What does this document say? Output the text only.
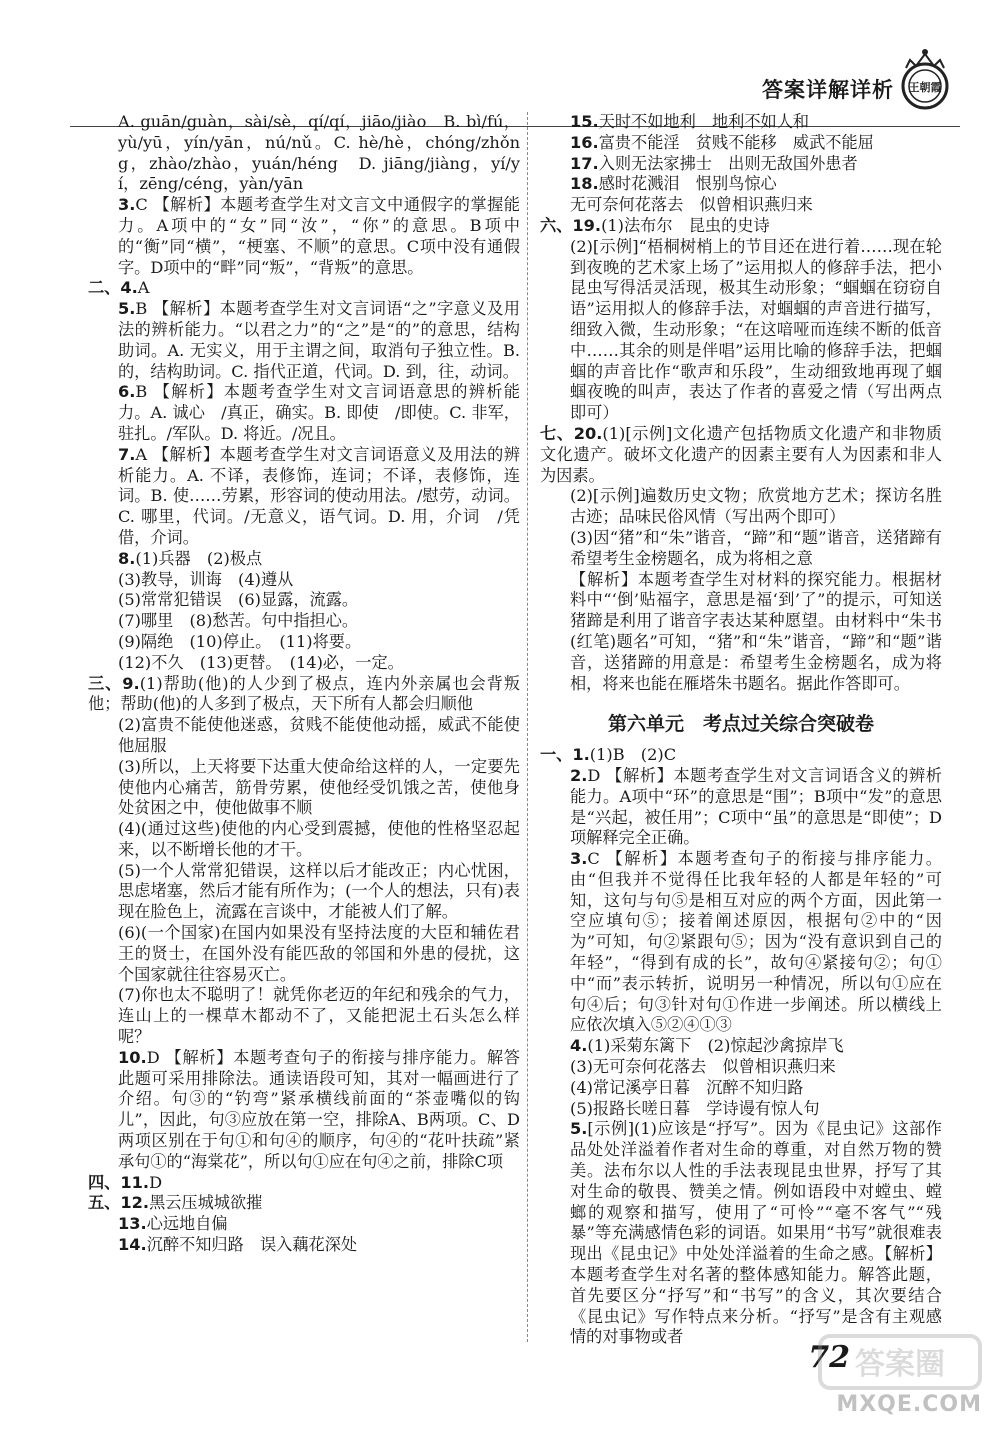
答案详解详析 王朝霞

A. guān/guàn，sài/sè，qí/qí，jiāo/jiào　B. bì/fú，yù/yū，yín/yān，nú/nǔ。C. hè/hè，chóng/zhǒng，zhào/zhào，yuán/héng　D. jiāng/jiàng，yí/yí，zēng/céng，yàn/yān

3.C 【解析】本题考查学生对文言文中通假字的掌握能力。A项中的“女”同“汝”，“你”的意思。B项中的“衡”同“横”，“梗塞、不顺”的意思。C项中没有通假字。D项中的“畔”同“叛”，“背叛”的意思。

二、4.A

5.B 【解析】本题考查学生对文言词语“之”字意义及用法的辨析能力。“以君之力”的“之”是“的”的意思，结构助词。A. 无实义，用于主谓之间，取消句子独立性。B. 的，结构助词。C. 指代正道，代词。D. 到，往，动词。

6.B 【解析】本题考查学生对文言词语意思的辨析能力。A. 诚心　/真正，确实。B. 即使　/即使。C. 非军，驻扎。/军队。D. 将近。/况且。

7.A 【解析】本题考查学生对文言词语意义及用法的辨析能力。A. 不译，表修饰，连词；不译，表修饰，连词。B. 使……劳累，形容词的使动用法。/慰劳，动词。C. 哪里，代词。/无意义，语气词。D. 用，介词　/凭借，介词。

8.(1)兵器　(2)极点

(3)教导，训诲　(4)遵从

(5)常常犯错误　(6)显露，流露。

(7)哪里　(8)愁苦。句中指担心。

(9)隔绝　(10)停止。　(11)将要。

(12)不久　(13)更替。　(14)必，一定。

三、9.(1)帮助(他)的人少到了极点，连内外亲属也会背叛他；帮助(他)的人多到了极点，天下所有人都会归顺他

(2)富贵不能使他迷惑，贫贱不能使他动摇，威武不能使他屈服

(3)所以，上天将要下达重大使命给这样的人，一定要先使他内心痛苦，筋骨劳累，使他经受饥饿之苦，使他身处贫困之中，使他做事不顺

(4)(通过这些)使他的内心受到震撼，使他的性格坚忍起来，以不断增长他的才干。

(5)一个人常常犯错误，这样以后才能改正；内心忧困，思虑堵塞，然后才能有所作为；(一个人的想法，只有)表现在脸色上，流露在言谈中，才能被人们了解。

(6)(一个国家)在国内如果没有坚持法度的大臣和辅佐君王的贤士，在国外没有能匹敌的邻国和外患的侵扰，这个国家就往往容易灭亡。

(7)你也太不聪明了！就凭你老迈的年纪和残余的气力，连山上的一棵草木都动不了，又能把泥土石头怎么样呢？

10.D 【解析】本题考查句子的衔接与排序能力。解答此题可采用排除法。通读语段可知，其对一幅画进行了介绍。句③的“钓弯”紧承横线前面的“茶壶嘴似的钩儿”，因此，句③应放在第一空，排除A、B两项。C、D两项区别在于句①和句④的顺序，句④的“花叶扶疏”紧承句①的“海棠花”，所以句①应在句④之前，排除C项

四、11.D

五、12.黑云压城城欲摧

13.心远地自偏

14.沉醉不知归路　误入藕花深处

15.天时不如地利　地利不如人和

16.富贵不能淫　贫贱不能移　威武不能屈

17.入则无法家拂士　出则无敌国外患者

18.感时花溅泪　恨别鸟惊心

无可奈何花落去　似曾相识燕归来

六、19.(1)法布尔　昆虫的史诗

(2)[示例]“梧桐树梢上的节目还在进行着……现在轮到夜晚的艺术家上场了”运用拟人的修辞手法，把小昆虫写得活灵活现，极其生动形象；“蝈蝈在窃窃自语”运用拟人的修辞手法，对蝈蝈的声音进行描写，细致入微，生动形象；“在这喑哑而连续不断的低音中……其余的则是伴唱”运用比喻的修辞手法，把蝈蝈的声音比作“歌声和乐段”，生动细致地再现了蝈蝈夜晚的叫声，表达了作者的喜爱之情（写出两点即可）

七、20.(1)[示例]文化遗产包括物质文化遗产和非物质文化遗产。破坏文化遗产的因素主要有人为因素和非人为因素。

(2)[示例]遍数历史文物；欣赏地方艺术；探访名胜古迹；品味民俗风情（写出两个即可）

(3)因“猪”和“朱”谐音，“蹄”和“题”谐音，送猪蹄有希望考生金榜题名，成为将相之意

【解析】本题考查学生对材料的探究能力。根据材料中“‘倒’贴福字，意思是福‘到’了”的提示，可知送猪蹄是利用了谐音字表达某种愿望。由材料中“朱书(红笔)题名”可知，“猪”和“朱”谐音，“蹄”和“题”谐音，送猪蹄的用意是：希望考生金榜题名，成为将相，将来也能在雁塔朱书题名。据此作答即可。

第六单元　考点过关综合突破卷

一、1.(1)B　(2)C

2.D 【解析】本题考查学生对文言词语含义的辨析能力。A项中“环”的意思是“围”；B项中“发”的意思是“兴起，被任用”；C项中“虽”的意思是“即使”；D项解释完全正确。

3.C 【解析】本题考查句子的衔接与排序能力。由“但我并不觉得任比我年轻的人都是年轻的”可知，这句与句⑤是相互对应的两个方面，因此第一空应填句⑤；接着阐述原因，根据句②中的“因为”可知，句②紧跟句⑤；因为“没有意识到自己的年轻”，“得到有成的长”，故句④紧接句②；句①中“而”表示转折，说明另一种情况，所以句①应在句④后；句③针对句①作进一步阐述。所以横线上应依次填入⑤②④①③

4.(1)采菊东篱下　(2)惊起沙禽掠岸飞

(3)无可奈何花落去　似曾相识燕归来

(4)常记溪亭日暮　沉醉不知归路

(5)报路长嗟日暮　学诗谩有惊人句

5.[示例](1)应该是“抒写”。因为《昆虫记》这部作品处处洋溢着作者对生命的尊重，对自然万物的赞美。法布尔以人性的手法表现昆虫世界，抒写了其对生命的敬畏、赞美之情。例如语段中对螳虫、螳螂的观察和描写，使用了“可怜”“毫不客气”“残暴”等充满感情色彩的词语。如果用“书写”就很难表现出《昆虫记》中处处洋溢着的生命之感。【解析】本题考查学生对名著的整体感知能力。解答此题，首先要区分“抒写”和“书写”的含义，其次要结合《昆虫记》写作特点来分析。“抒写”是含有主观感情的对事物或者

72 答案圈
MXQE.COM
